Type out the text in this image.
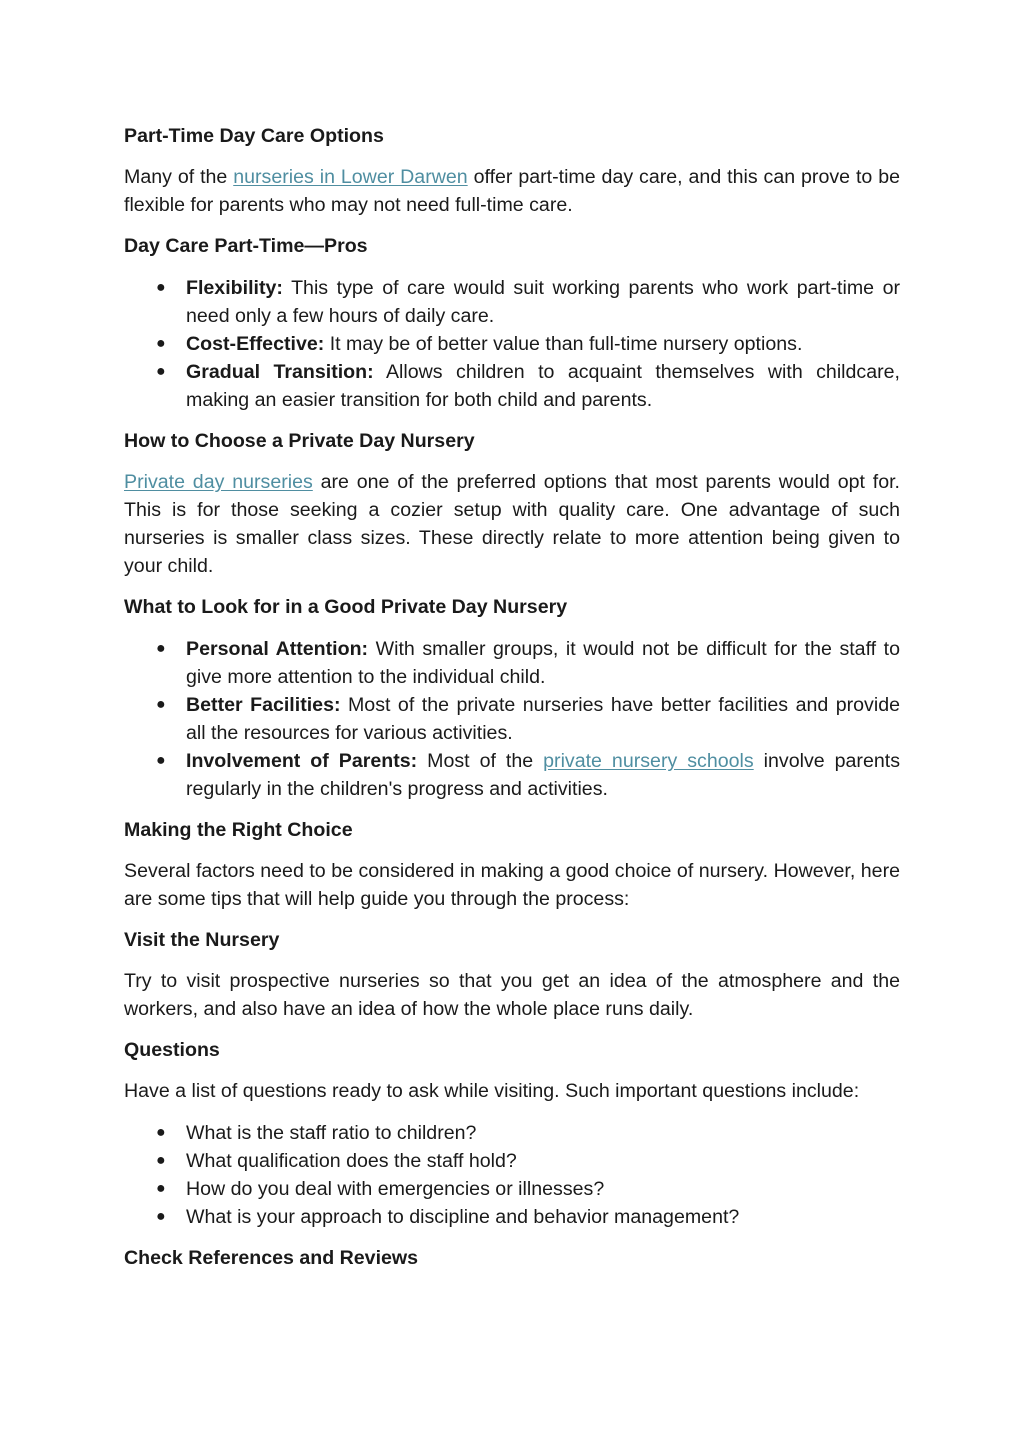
Part-Time Day Care Options

Many of the nurseries in Lower Darwen offer part-time day care, and this can prove to be flexible for parents who may not need full-time care.

Day Care Part-Time—Pros
● Flexibility: This type of care would suit working parents who work part-time or need only a few hours of daily care.
● Cost-Effective: It may be of better value than full-time nursery options.
● Gradual Transition: Allows children to acquaint themselves with childcare, making an easier transition for both child and parents.
How to Choose a Private Day Nursery

Private day nurseries are one of the preferred options that most parents would opt for. This is for those seeking a cozier setup with quality care. One advantage of such nurseries is smaller class sizes. These directly relate to more attention being given to your child.

What to Look for in a Good Private Day Nursery
● Personal Attention: With smaller groups, it would not be difficult for the staff to give more attention to the individual child.
● Better Facilities: Most of the private nurseries have better facilities and provide all the resources for various activities.
● Involvement of Parents: Most of the private nursery schools involve parents regularly in the children's progress and activities.
Making the Right Choice

Several factors need to be considered in making a good choice of nursery. However, here are some tips that will help guide you through the process:

Visit the Nursery

Try to visit prospective nurseries so that you get an idea of the atmosphere and the workers, and also have an idea of how the whole place runs daily.

Questions

Have a list of questions ready to ask while visiting. Such important questions include:

● What is the staff ratio to children?
● What qualification does the staff hold?
● How do you deal with emergencies or illnesses?
● What is your approach to discipline and behavior management?
Check References and Reviews
